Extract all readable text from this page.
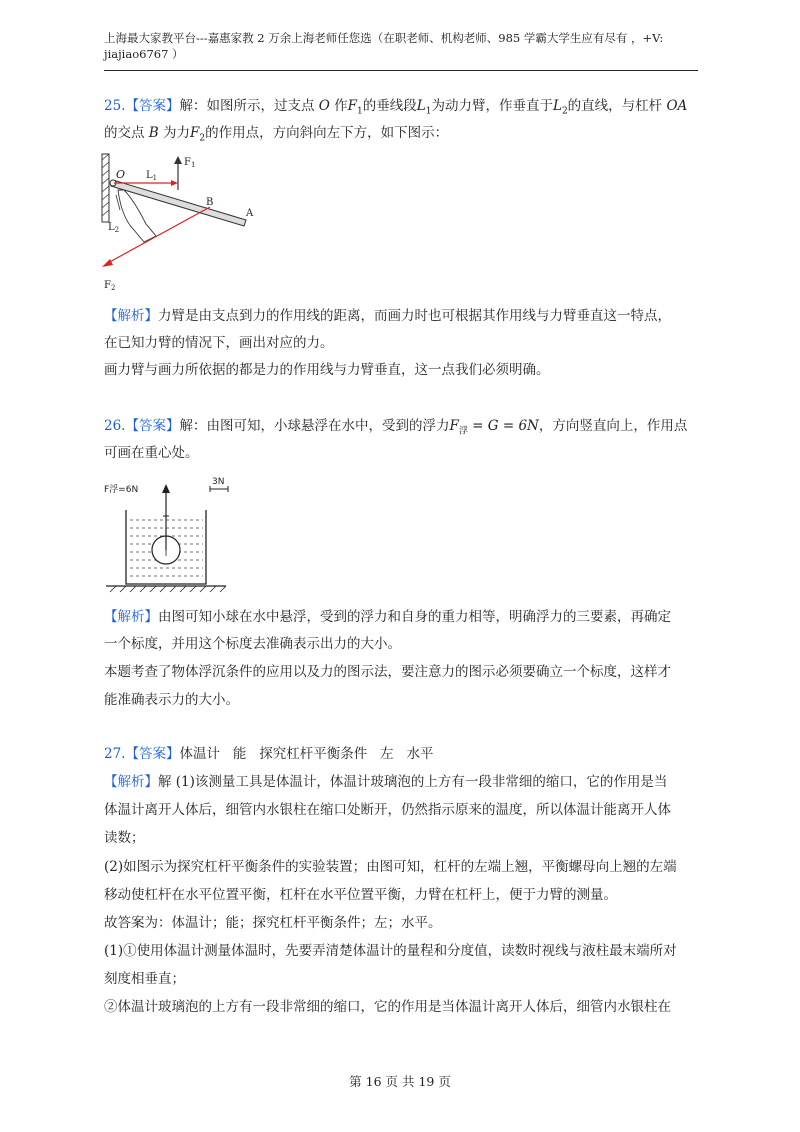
上海最大家教平台---嘉惠家教 2 万余上海老师任您选（在职老师、机构老师、985 学霸大学生应有尽有 ，+V:
jiajiao6767 ）
25.【答案】解：如图所示，过支点 O 作$F_1$的垂线段$L_1$为动力臂，作垂直于$L_2$的直线，与杠杆 OA
的交点 B 为力$F_2$的作用点，方向斜向左下方，如下图示：
O $L_1$
$F_1$
B
A
$L_2$
$F_2$
【解析】力臂是由支点到力的作用线的距离，而画力时也可根据其作用线与力臂垂直这一特点，
在已知力臂的情况下，画出对应的力。
画力臂与画力所依据的都是力的作用线与力臂垂直，这一点我们必须明确。
26.【答案】解：由图可知，小球悬浮在水中，受到的浮力$F_浮 = G = 6N$，方向竖直向上，作用点
可画在重心处。
F浮=6N
3N
【解析】由图可知小球在水中悬浮，受到的浮力和自身的重力相等，明确浮力的三要素，再确定
一个标度，并用这个标度去准确表示出力的大小。
本题考查了物体浮沉条件的应用以及力的图示法，要注意力的图示必须要确立一个标度，这样才
能准确表示力的大小。
27.【答案】体温计   能   探究杠杆平衡条件   左   水平
【解析】解 (1)该测量工具是体温计，体温计玻璃泡的上方有一段非常细的缩口，它的作用是当
体温计离开人体后，细管内水银柱在缩口处断开，仍然指示原来的温度，所以体温计能离开人体
读数；
(2)如图示为探究杠杆平衡条件的实验装置；由图可知，杠杆的左端上翘，平衡螺母向上翘的左端
移动使杠杆在水平位置平衡，杠杆在水平位置平衡，力臂在杠杆上，便于力臂的测量。
故答案为：体温计；能；探究杠杆平衡条件；左；水平。
(1)①使用体温计测量体温时，先要弄清楚体温计的量程和分度值，读数时视线与液柱最末端所对
刻度相垂直；
②体温计玻璃泡的上方有一段非常细的缩口，它的作用是当体温计离开人体后，细管内水银柱在
第 16 页 共 19 页
